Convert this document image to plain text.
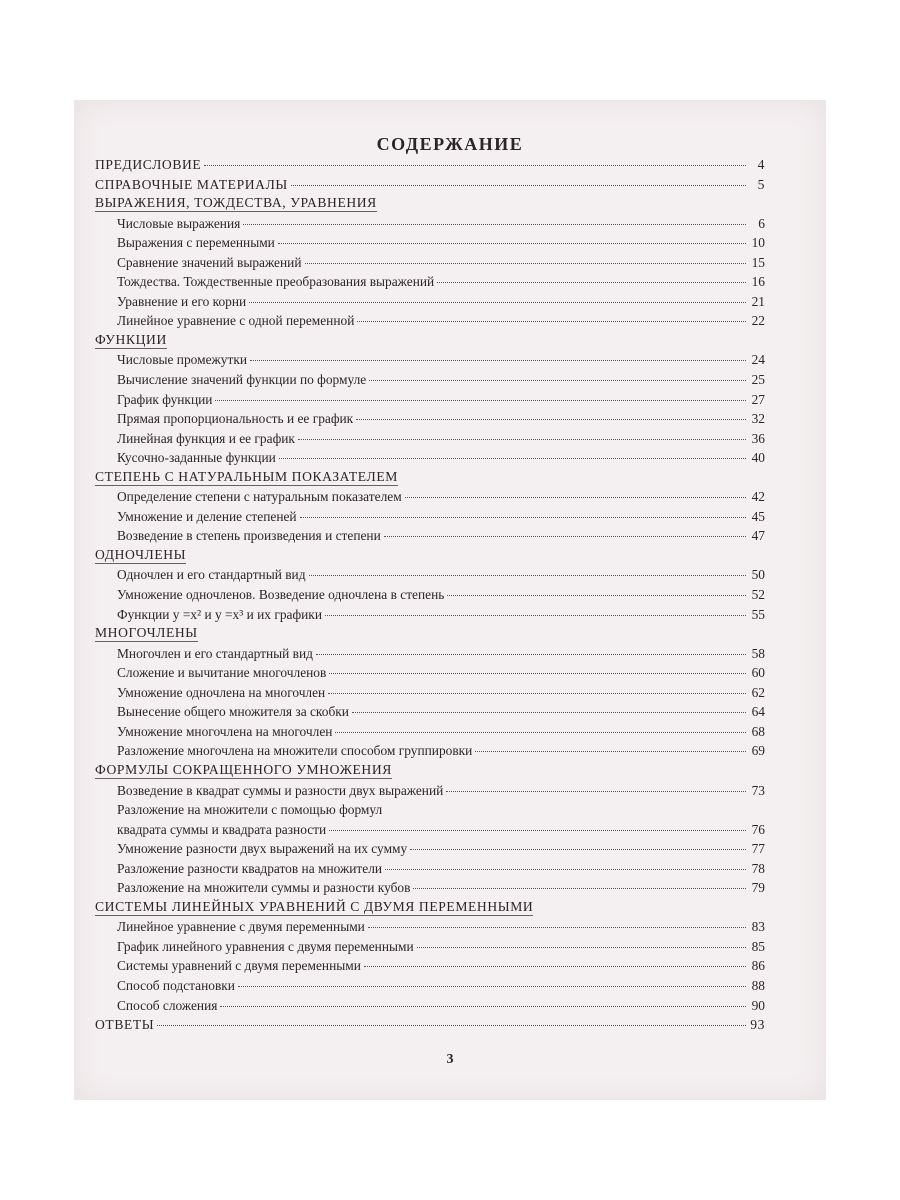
СОДЕРЖАНИЕ
ПРЕДИСЛОВИЕ	4
СПРАВОЧНЫЕ МАТЕРИАЛЫ	5
ВЫРАЖЕНИЯ, ТОЖДЕСТВА, УРАВНЕНИЯ
Числовые выражения	6
Выражения с переменными	10
Сравнение значений выражений	15
Тождества. Тождественные преобразования выражений	16
Уравнение и его корни	21
Линейное уравнение с одной переменной	22
ФУНКЦИИ
Числовые промежутки	24
Вычисление значений функции по формуле	25
График функции	27
Прямая пропорциональность и ее график	32
Линейная функция и ее график	36
Кусочно-заданные функции	40
СТЕПЕНЬ С НАТУРАЛЬНЫМ ПОКАЗАТЕЛЕМ
Определение степени с натуральным показателем	42
Умножение и деление степеней	45
Возведение в степень произведения и степени	47
ОДНОЧЛЕНЫ
Одночлен и его стандартный вид	50
Умножение одночленов. Возведение одночлена в степень	52
Функции y =x² и y =x³ и их графики	55
МНОГОЧЛЕНЫ
Многочлен и его стандартный вид	58
Сложение и вычитание многочленов	60
Умножение одночлена на многочлен	62
Вынесение общего множителя за скобки	64
Умножение многочлена на многочлен	68
Разложение многочлена на множители способом группировки	69
ФОРМУЛЫ СОКРАЩЕННОГО УМНОЖЕНИЯ
Возведение в квадрат суммы и разности двух выражений	73
Разложение на множители с помощью формул
квадрата суммы и квадрата разности	76
Умножение разности двух выражений на их сумму	77
Разложение разности квадратов на множители	78
Разложение на множители суммы и разности кубов	79
СИСТЕМЫ ЛИНЕЙНЫХ УРАВНЕНИЙ С ДВУМЯ ПЕРЕМЕННЫМИ
Линейное уравнение с двумя переменными	83
График линейного уравнения с двумя переменными	85
Системы уравнений с двумя переменными	86
Способ подстановки	88
Способ сложения	90
ОТВЕТЫ	93
3
